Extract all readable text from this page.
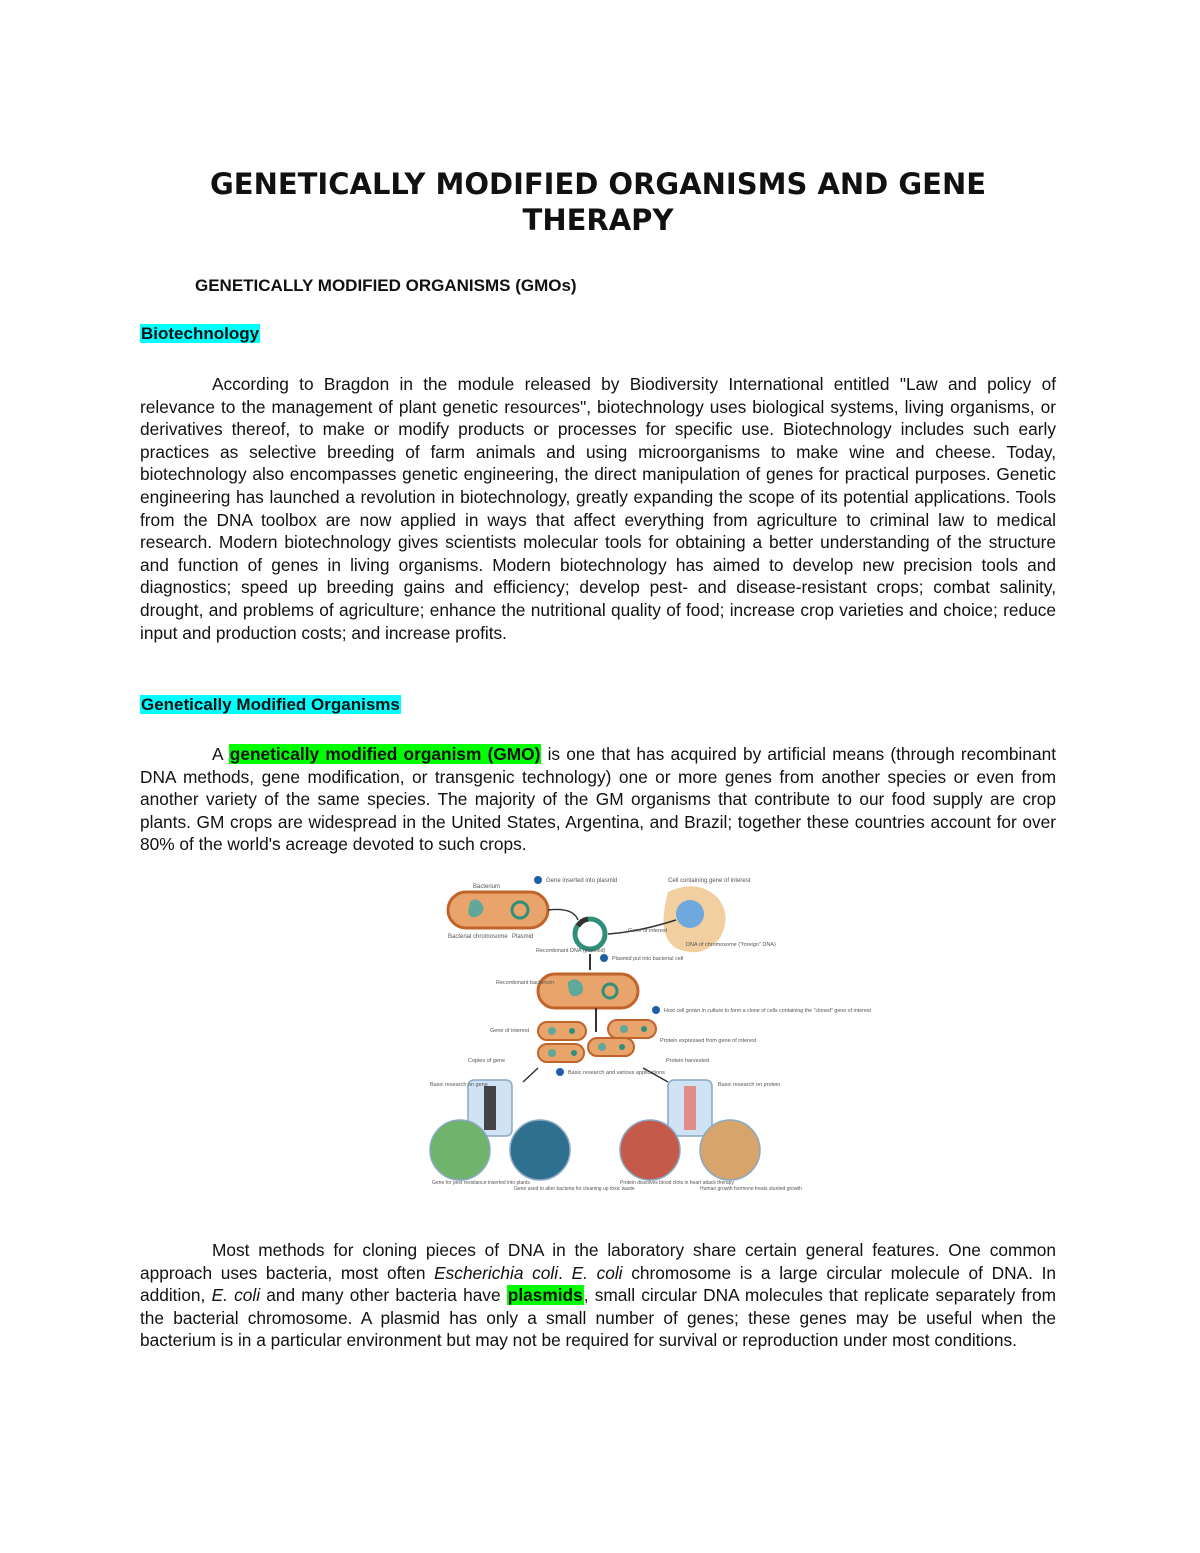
GENETICALLY MODIFIED ORGANISMS AND GENE THERAPY

GENETICALLY MODIFIED ORGANISMS (GMOs)

Biotechnology

According to Bragdon in the module released by Biodiversity International entitled "Law and policy of relevance to the management of plant genetic resources", biotechnology uses biological systems, living organisms, or derivatives thereof, to make or modify products or processes for specific use. Biotechnology includes such early practices as selective breeding of farm animals and using microorganisms to make wine and cheese. Today, biotechnology also encompasses genetic engineering, the direct manipulation of genes for practical purposes. Genetic engineering has launched a revolution in biotechnology, greatly expanding the scope of its potential applications. Tools from the DNA toolbox are now applied in ways that affect everything from agriculture to criminal law to medical research. Modern biotechnology gives scientists molecular tools for obtaining a better understanding of the structure and function of genes in living organisms. Modern biotechnology has aimed to develop new precision tools and diagnostics; speed up breeding gains and efficiency; develop pest- and disease-resistant crops; combat salinity, drought, and problems of agriculture; enhance the nutritional quality of food; increase crop varieties and choice; reduce input and production costs; and increase profits.

Genetically Modified Organisms

A genetically modified organism (GMO) is one that has acquired by artificial means (through recombinant DNA methods, gene modification, or transgenic technology) one or more genes from another species or even from another variety of the same species. The majority of the GM organisms that contribute to our food supply are crop plants. GM crops are widespread in the United States, Argentina, and Brazil; together these countries account for over 80% of the world's acreage devoted to such crops.

Bacterium
Bacterial chromosome Plasmid
Gene inserted into plasmid	Cell containing gene of interest
DNA of chromosome ("foreign" DNA)
Gene of interest
Recombinant DNA (plasmid)
Plasmid put into bacterial cell
Recombinant bacterium
Host cell grown in culture to form a clone of cells containing the "cloned" gene of interest
Gene of interest
Protein expressed from gene of interest
Copies of gene	Protein harvested
Basic research and various applications
Basic research on gene	Basic research on protein
Gene for pest resistance inserted into plants
Gene used to alter bacteria for cleaning up toxic waste
Protein dissolves blood clots in heart attack therapy
Human growth hormone treats stunted growth

Most methods for cloning pieces of DNA in the laboratory share certain general features. One common approach uses bacteria, most often Escherichia coli. E. coli chromosome is a large circular molecule of DNA. In addition, E. coli and many other bacteria have plasmids, small circular DNA molecules that replicate separately from the bacterial chromosome. A plasmid has only a small number of genes; these genes may be useful when the bacterium is in a particular environment but may not be required for survival or reproduction under most conditions.
